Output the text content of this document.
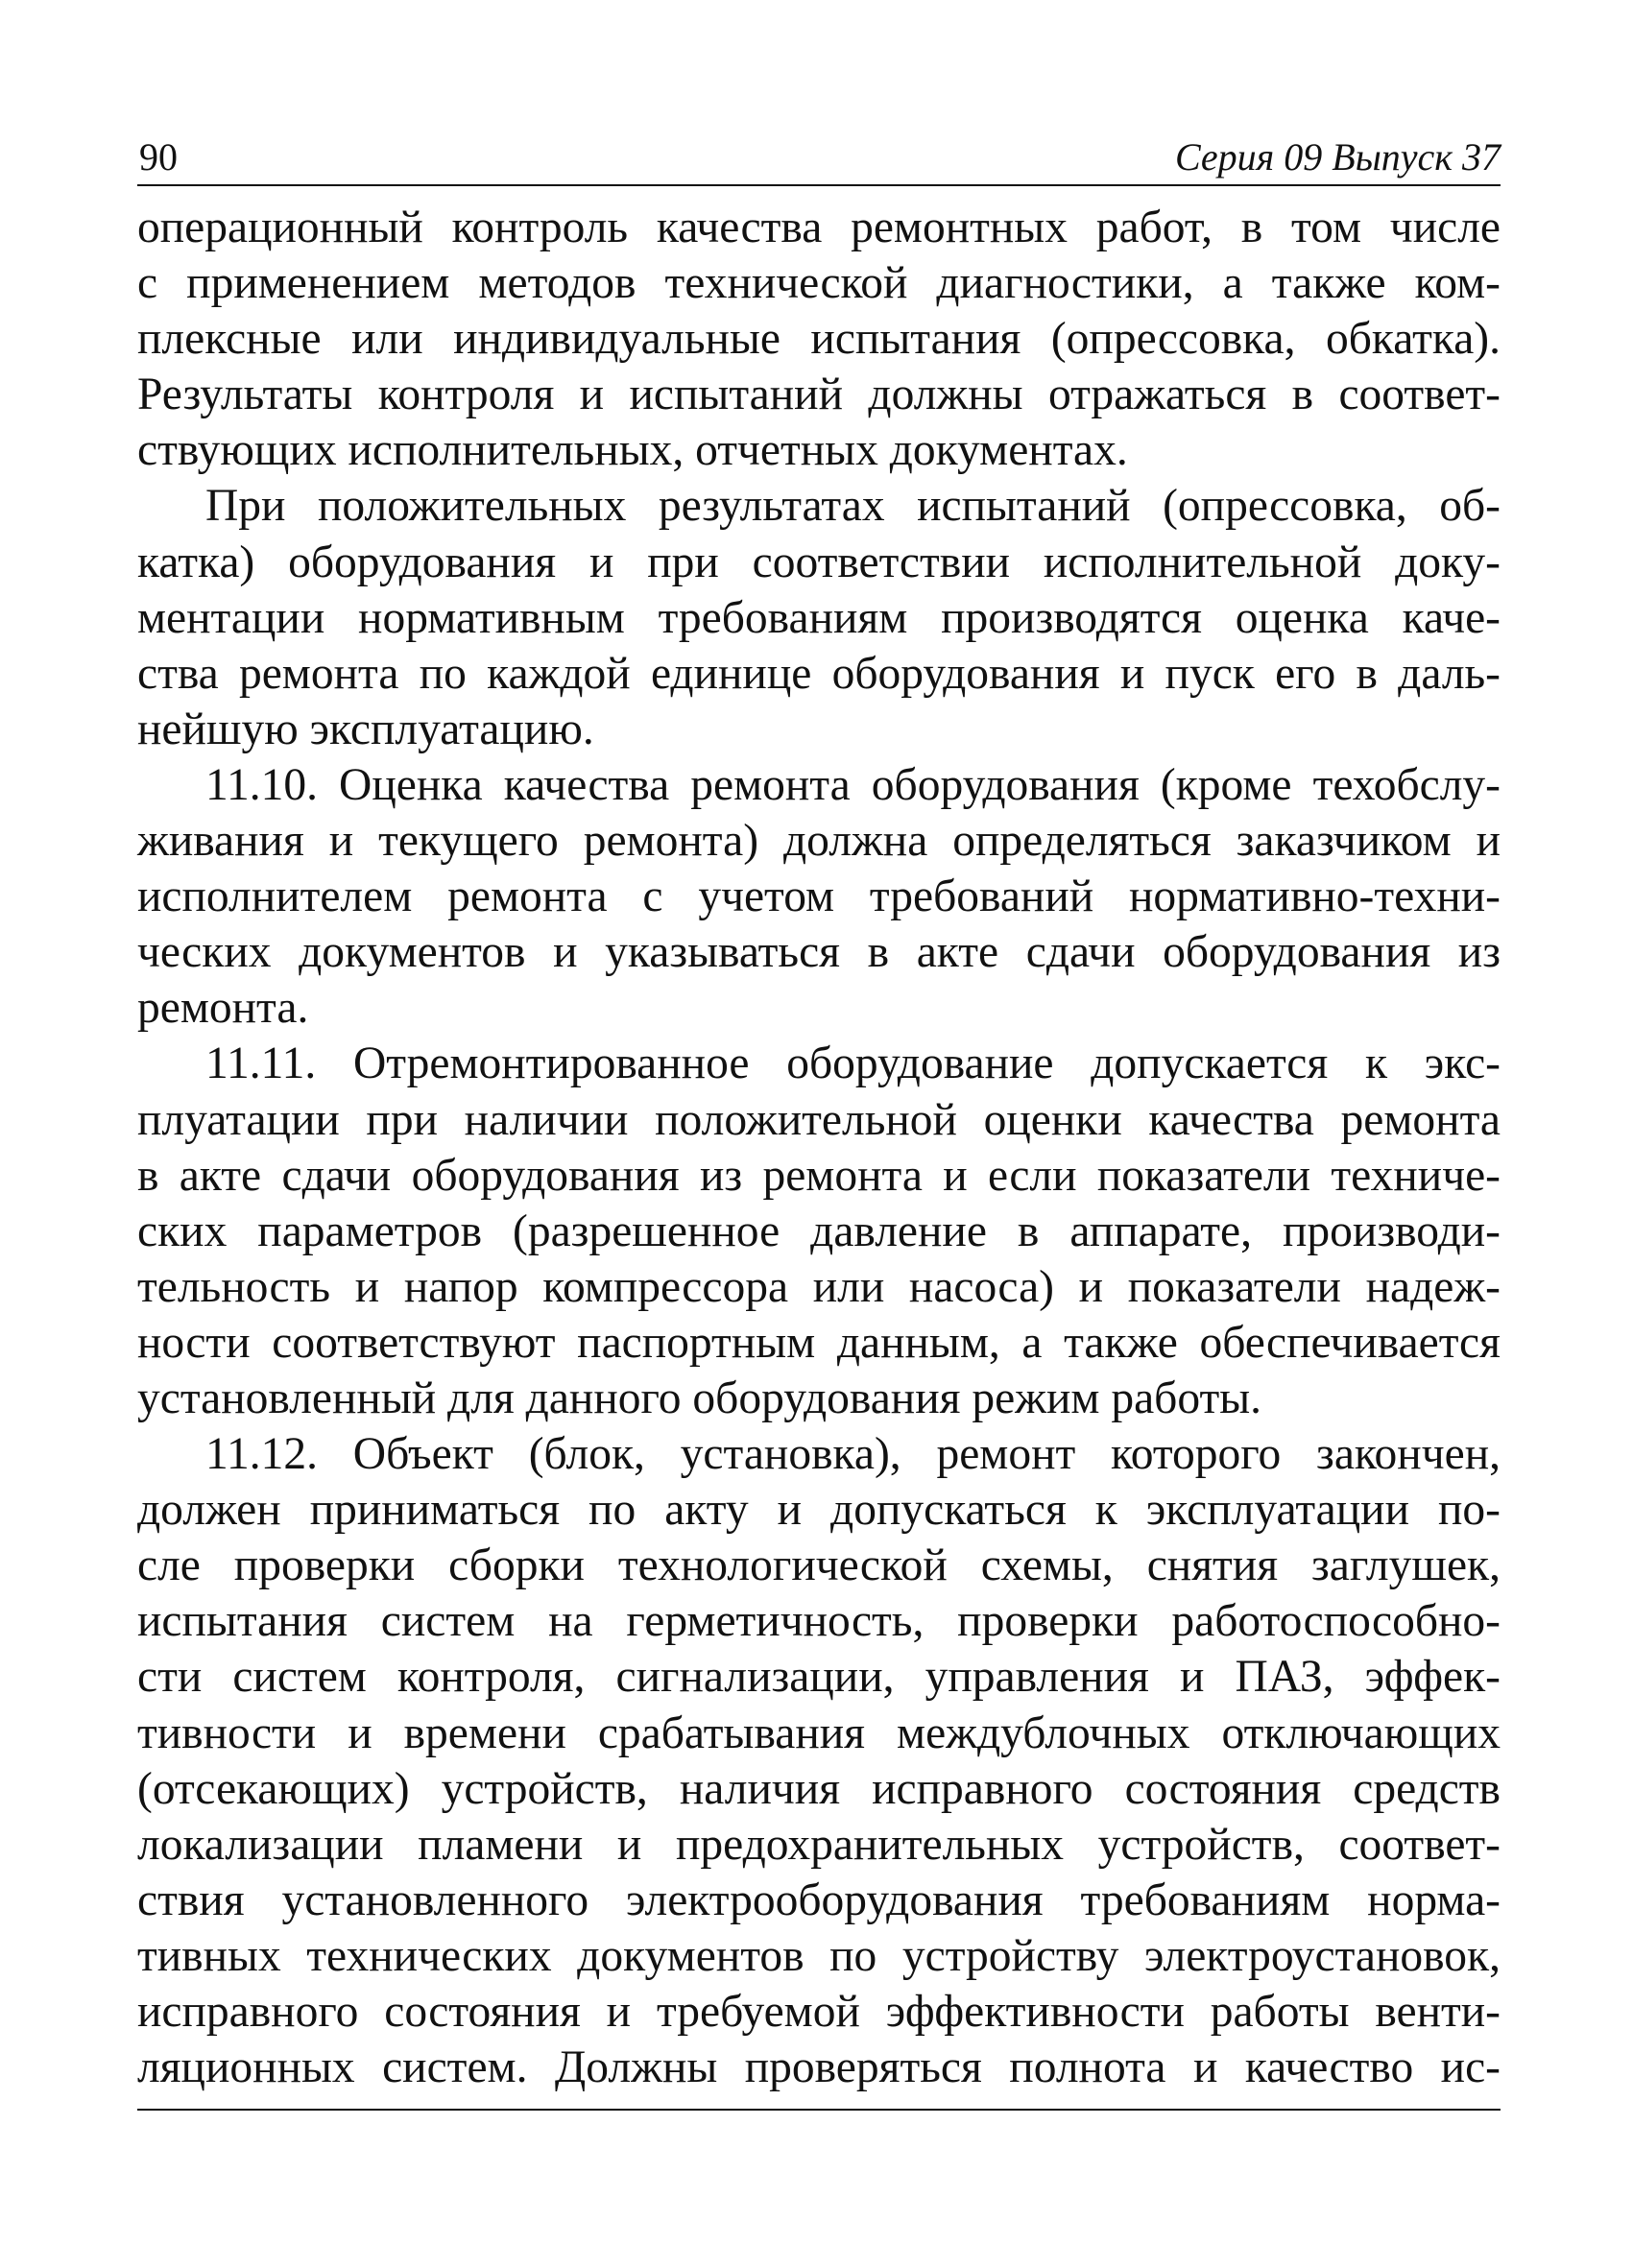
90	Серия 09 Выпуск 37
операционный контроль качества ремонтных работ, в том числе
с применением методов технической диагностики, а также ком-
плексные или индивидуальные испытания (опрессовка, обкатка).
Результаты контроля и испытаний должны отражаться в соответ-
ствующих исполнительных, отчетных документах.
При положительных результатах испытаний (опрессовка, об-
катка) оборудования и при соответствии исполнительной доку-
ментации нормативным требованиям производятся оценка каче-
ства ремонта по каждой единице оборудования и пуск его в даль-
нейшую эксплуатацию.
11.10. Оценка качества ремонта оборудования (кроме техобслу-
живания и текущего ремонта) должна определяться заказчиком и
исполнителем ремонта с учетом требований нормативно-техни-
ческих документов и указываться в акте сдачи оборудования из
ремонта.
11.11. Отремонтированное оборудование допускается к экс-
плуатации при наличии положительной оценки качества ремонта
в акте сдачи оборудования из ремонта и если показатели техниче-
ских параметров (разрешенное давление в аппарате, производи-
тельность и напор компрессора или насоса) и показатели надеж-
ности соответствуют паспортным данным, а также обеспечивается
установленный для данного оборудования режим работы.
11.12. Объект (блок, установка), ремонт которого закончен,
должен приниматься по акту и допускаться к эксплуатации по-
сле проверки сборки технологической схемы, снятия заглушек,
испытания систем на герметичность, проверки работоспособно-
сти систем контроля, сигнализации, управления и ПАЗ, эффек-
тивности и времени срабатывания междублочных отключающих
(отсекающих) устройств, наличия исправного состояния средств
локализации пламени и предохранительных устройств, соответ-
ствия установленного электрооборудования требованиям норма-
тивных технических документов по устройству электроустановок,
исправного состояния и требуемой эффективности работы венти-
ляционных систем. Должны проверяться полнота и качество ис-
